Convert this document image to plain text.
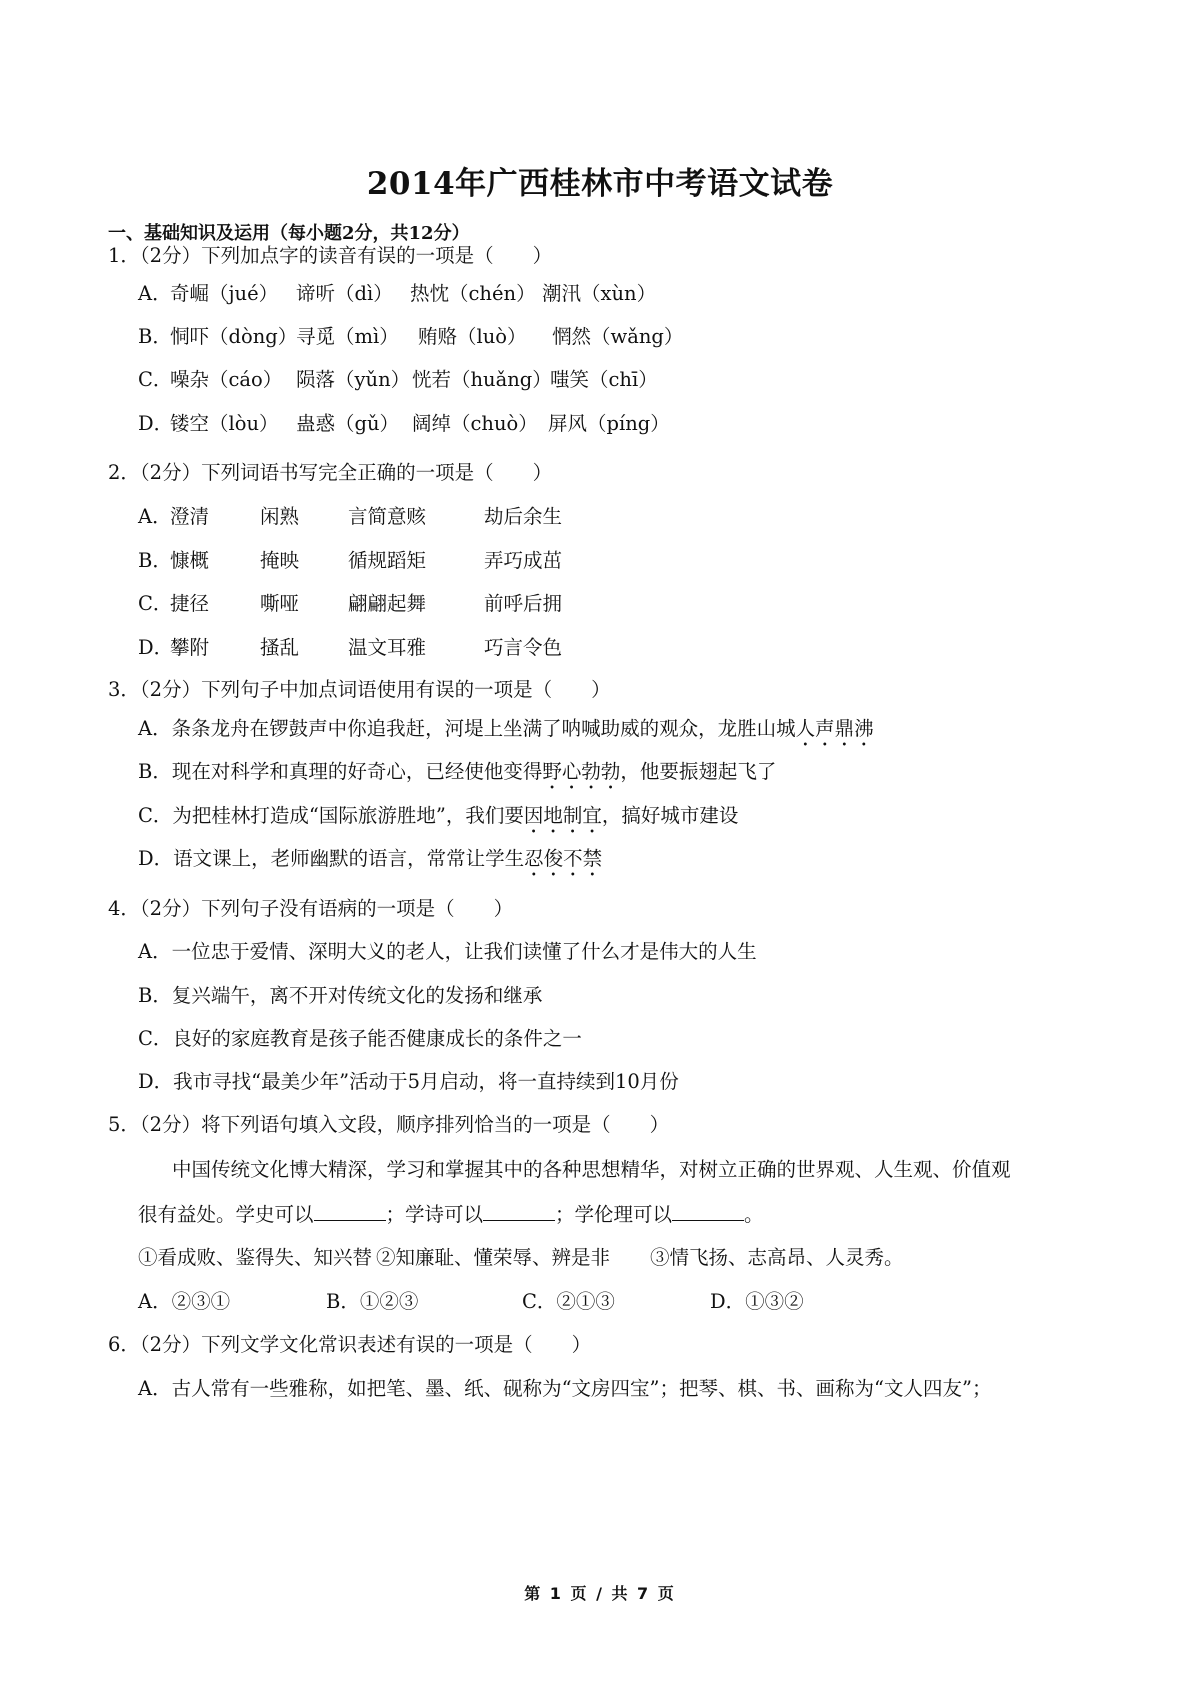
2014年广西桂林市中考语文试卷
一、基础知识及运用（每小题2分，共12分）
1．（2分）下列加点字的读音有误的一项是（　　）
A．奇崛（jué） 谛听（dì） 热忱（chén） 潮汛（xùn）
B．恫吓（dòng）寻觅（mì） 贿赂（luò） 惘然（wǎng）
C．噪杂（cáo） 陨落（yǔn）恍若（huǎng）嗤笑（chī）
D．镂空（lòu） 蛊惑（gǔ） 阔绰（chuò） 屏风（píng）
2．（2分）下列词语书写完全正确的一项是（　　）
A．澄清	闲熟	言简意赅	劫后余生
B．慷概	掩映	循规蹈矩	弄巧成茁
C．捷径	嘶哑	翩翩起舞	前呼后拥
D．攀附	搔乱	温文耳雅	巧言令色
3．（2分）下列句子中加点词语使用有误的一项是（　　）
A．条条龙舟在锣鼓声中你追我赶，河堤上坐满了呐喊助威的观众，龙胜山城人声鼎沸
B．现在对科学和真理的好奇心，已经使他变得野心勃勃，他要振翅起飞了
C．为把桂林打造成“国际旅游胜地”，我们要因地制宜，搞好城市建设
D．语文课上，老师幽默的语言，常常让学生忍俊不禁
4．（2分）下列句子没有语病的一项是（　　）
A．一位忠于爱情、深明大义的老人，让我们读懂了什么才是伟大的人生
B．复兴端午，离不开对传统文化的发扬和继承
C．良好的家庭教育是孩子能否健康成长的条件之一
D．我市寻找“最美少年”活动于5月启动，将一直持续到10月份
5．（2分）将下列语句填入文段，顺序排列恰当的一项是（　　）
中国传统文化博大精深，学习和掌握其中的各种思想精华，对树立正确的世界观、人生观、价值观
很有益处。学史可以	；学诗可以	；学伦理可以	。
①看成败、鉴得失、知兴替 ②知廉耻、懂荣辱、辨是非 ③情飞扬、志高昂、人灵秀。
A．②③①	B．①②③	C．②①③	D．①③②
6．（2分）下列文学文化常识表述有误的一项是（　　）
A．古人常有一些雅称，如把笔、墨、纸、砚称为“文房四宝”；把琴、棋、书、画称为“文人四友”；
第 1 页 / 共 7 页
